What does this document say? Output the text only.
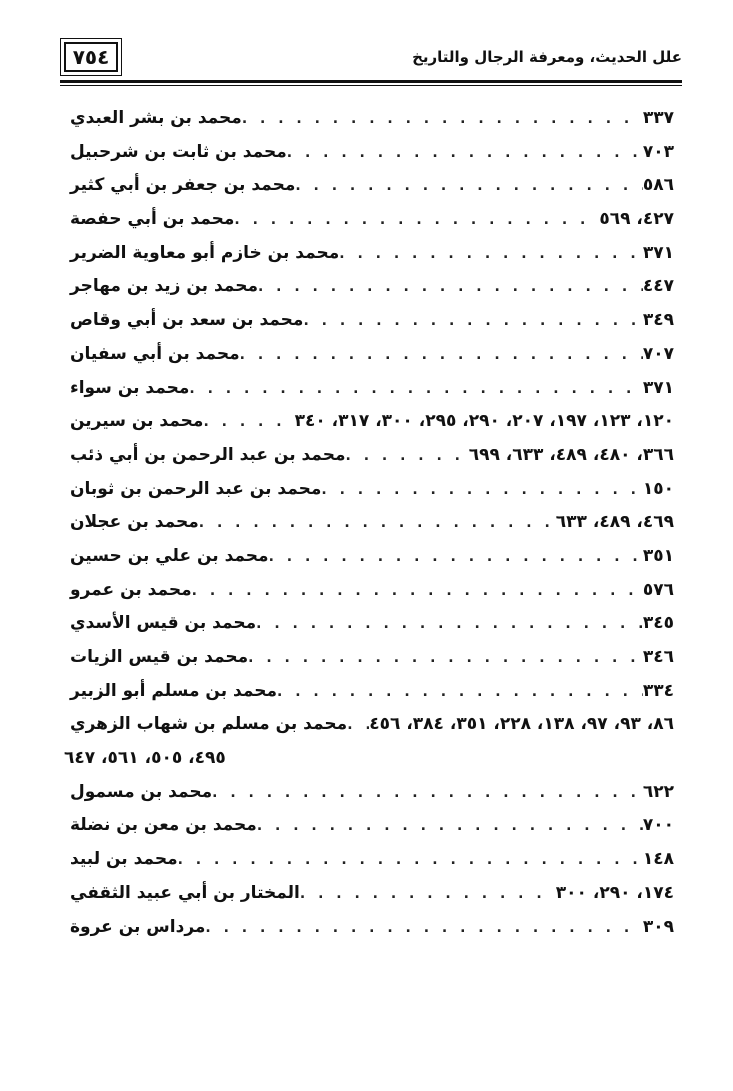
٧٥٤	علل الحديث، ومعرفة الرجال والتاريخ
محمد بن بشر العبدي . . .	٣٣٧
محمد بن ثابت بن شرحبيل . . .	٧٠٣
محمد بن جعفر بن أبي كثير . . .	٥٨٦
محمد بن أبي حفصة . . .	٤٢٧، ٥٦٩
محمد بن خازم أبو معاوية الضرير . . .	٣٧١
محمد بن زيد بن مهاجر . . .	٤٤٧
محمد بن سعد بن أبي وقاص . . .	٣٤٩
محمد بن أبي سفيان . . .	٧٠٧
محمد بن سواء . . .	٣٧١
محمد بن سيرين . . .	١٢٠، ١٢٣، ١٩٧، ٢٠٧، ٢٩٠، ٢٩٥، ٣٠٠، ٣١٧، ٣٤٠
محمد بن عبد الرحمن بن أبي ذئب . . .	٣٦٦، ٤٨٠، ٤٨٩، ٦٣٣، ٦٩٩
محمد بن عبد الرحمن بن ثوبان . . .	١٥٠
محمد بن عجلان . . .	٤٦٩، ٤٨٩، ٦٣٣
محمد بن علي بن حسين . . .	٣٥١
محمد بن عمرو . . .	٥٧٦
محمد بن قيس الأسدي . . .	٣٤٥
محمد بن قيس الزيات . . .	٣٤٦
محمد بن مسلم أبو الزبير . . .	٣٣٤
محمد بن مسلم بن شهاب الزهري . . . ٨٦، ٩٣، ٩٧، ١٣٨، ٢٢٨، ٣٥١، ٣٨٤، ٤٥٦
٤٩٥، ٥٠٥، ٥٦١، ٦٤٧
محمد بن مسمول . . .	٦٢٢
محمد بن معن بن نضلة . . .	٧٠٠
محمد بن لبيد . . .	١٤٨
المختار بن أبي عبيد الثقفي . . .	١٧٤، ٢٩٠، ٣٠٠
مرداس بن عروة . . .	٣٠٩
